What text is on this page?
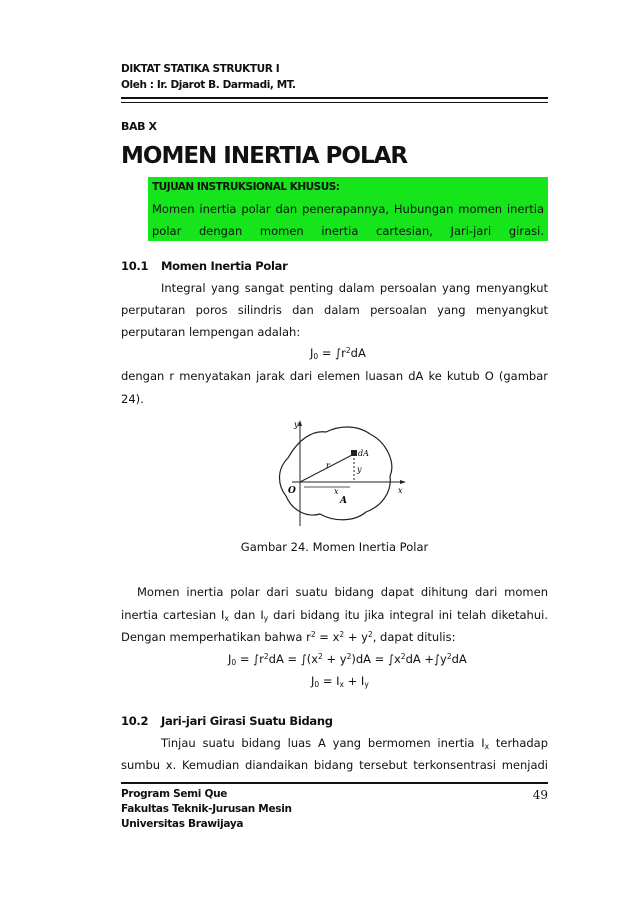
DIKTAT STATIKA STRUKTUR I
Oleh : Ir. Djarot B. Darmadi, MT.
BAB X
MOMEN INERTIA POLAR
TUJUAN INSTRUKSIONAL KHUSUS:
Momen inertia polar dan penerapannya, Hubungan momen inertia
polar dengan momen inertia cartesian, Jari-jari girasi.
10.1 Momen Inertia Polar
Integral yang sangat penting dalam persoalan yang menyangkut
perputaran poros silindris dan dalam persoalan yang menyangkut
perputaran lempengan adalah:
$J_0 = \int r^2dA$
dengan r menyatakan jarak dari elemen luasan dA ke kutub O (gambar
24).
y
x
O
A
r
x
y
dA
Gambar 24. Momen Inertia Polar
Momen inertia polar dari suatu bidang dapat dihitung dari momen
inertia cartesian $I_x$ dan $I_y$ dari bidang itu jika integral ini telah diketahui.
Dengan memperhatikan bahwa $r^2 = x^2 + y^2$, dapat ditulis:
$J_0 = \int r^2dA = \int(x^2 + y^2)dA = \int x^2dA +\int y^2dA$
$J_0 = I_x + I_y$
10.2 Jari-jari Girasi Suatu Bidang
Tinjau suatu bidang luas A yang bermomen inertia $I_x$ terhadap
sumbu x. Kemudian diandaikan bidang tersebut terkonsentrasi menjadi
Program Semi Que
Fakultas Teknik-Jurusan Mesin
Universitas Brawijaya
49
